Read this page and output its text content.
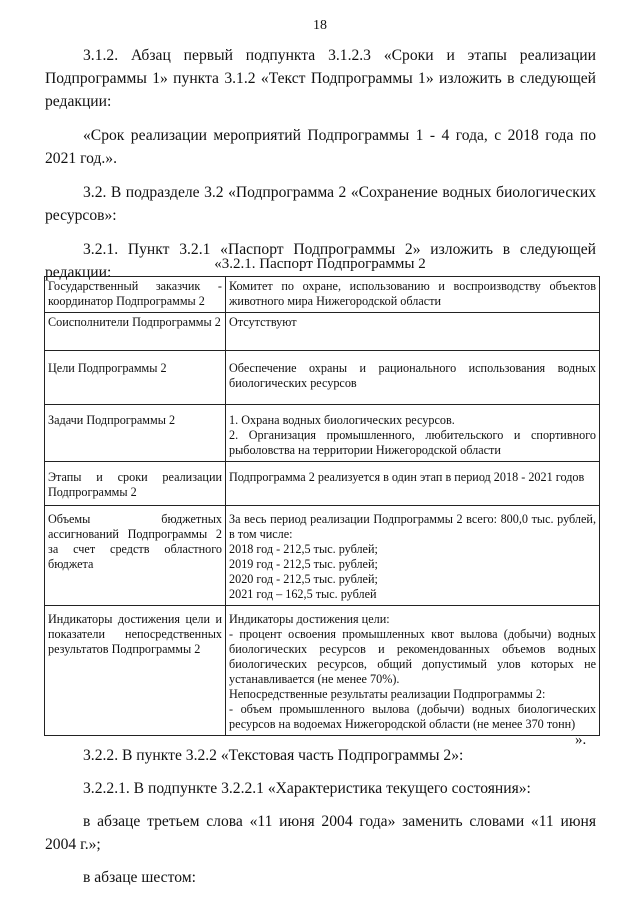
18

3.1.2. Абзац первый подпункта 3.1.2.3 «Сроки и этапы реализации Подпрограммы 1» пункта 3.1.2 «Текст Подпрограммы 1» изложить в следующей редакции:

«Срок реализации мероприятий Подпрограммы 1 - 4 года, с 2018 года по 2021 год.».

3.2. В подразделе 3.2 «Подпрограмма 2 «Сохранение водных биологических ресурсов»:

3.2.1. Пункт 3.2.1 «Паспорт Подпрограммы 2» изложить в следующей редакции:	«3.2.1. Паспорт Подпрограммы 2
Государственный заказчик - координатор Подпрограммы 2	Комитет по охране, использованию и воспроизводству объектов животного мира Нижегородской области

Соисполнители Подпрограммы 2	Отсутствуют

Цели Подпрограммы 2	Обеспечение охраны и рационального использования водных биологических ресурсов

Задачи Подпрограммы 2	1. Охрана водных биологических ресурсов.
2. Организация промышленного, любительского и спортивного рыболовства на территории Нижегородской области

Этапы и сроки реализации Подпрограммы 2	Подпрограмма 2 реализуется в один этап в период 2018 - 2021 годов

Объемы бюджетных ассигнований Подпрограммы 2 за счет средств областного бюджета	За весь период реализации Подпрограммы 2 всего: 800,0 тыс. рублей, в том числе:
2018 год - 212,5 тыс. рублей;
2019 год - 212,5 тыс. рублей;
2020 год - 212,5 тыс. рублей;
2021 год – 162,5 тыс. рублей

Индикаторы достижения цели и показатели непосредственных результатов Подпрограммы 2	Индикаторы достижения цели:
- процент освоения промышленных квот вылова (добычи) водных биологических ресурсов и рекомендованных объемов водных биологических ресурсов, общий допустимый улов которых не устанавливается (не менее 70%).
Непосредственные результаты реализации Подпрограммы 2:
- объем промышленного вылова (добычи) водных биологических ресурсов на водоемах Нижегородской области (не менее 370 тонн)
».

3.2.2. В пункте 3.2.2 «Текстовая часть Подпрограммы 2»:

3.2.2.1. В подпункте 3.2.2.1 «Характеристика текущего состояния»:

в абзаце третьем слова «11 июня 2004 года» заменить словами «11 июня 2004 г.»;

в абзаце шестом:
